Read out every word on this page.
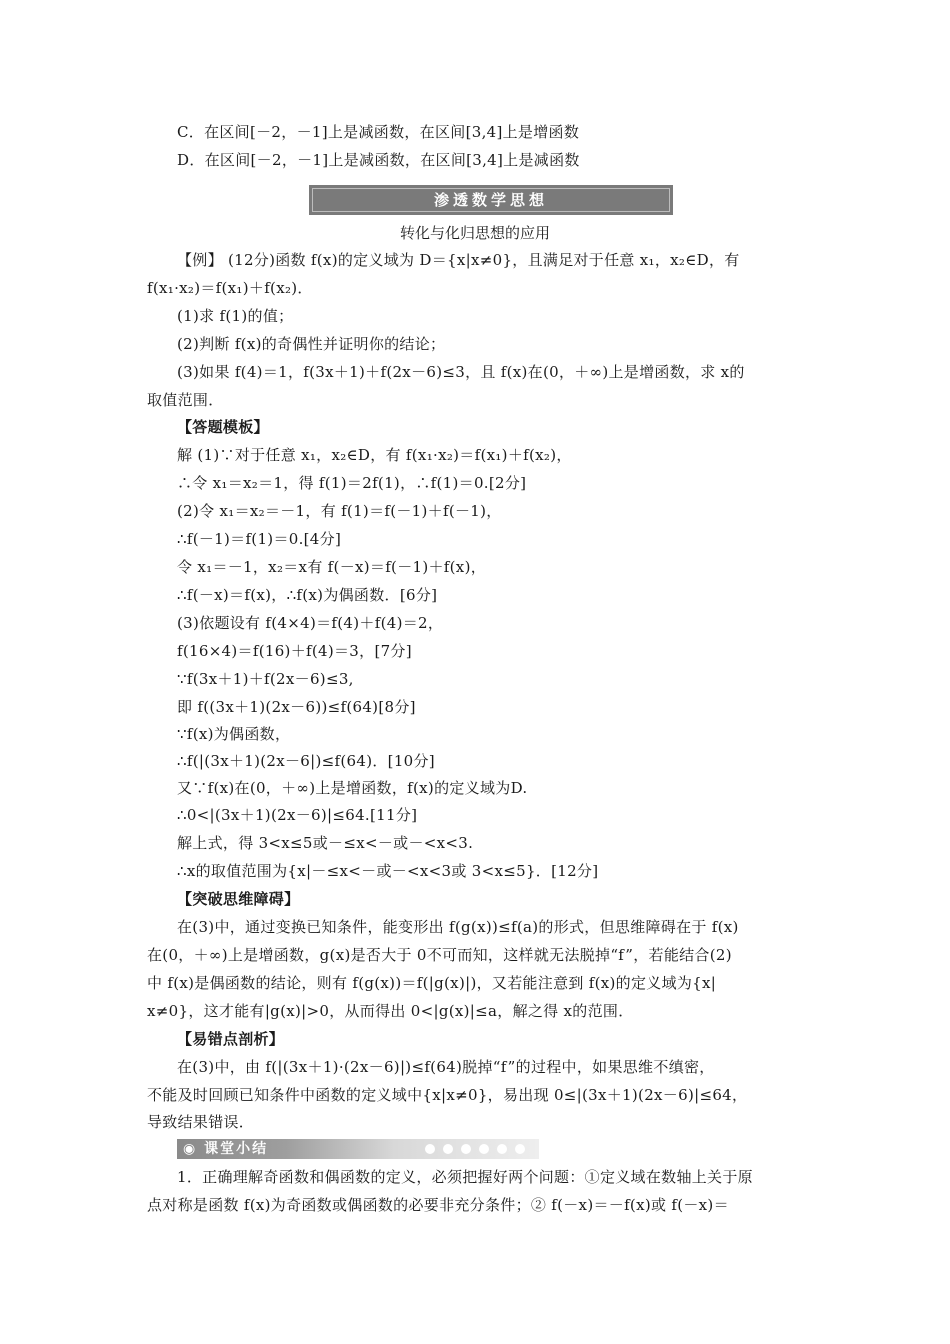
C．在区间[－2，－1]上是减函数，在区间[3,4]上是增函数
D．在区间[－2，－1]上是减函数，在区间[3,4]上是减函数
渗透数学思想
转化与化归思想的应用
【例】 (12分)函数 f(x)的定义域为 D＝{x|x≠0}，且满足对于任意 x₁，x₂∈D，有
f(x₁·x₂)＝f(x₁)＋f(x₂)．
(1)求 f(1)的值；
(2)判断 f(x)的奇偶性并证明你的结论；
(3)如果 f(4)＝1，f(3x＋1)＋f(2x－6)≤3，且 f(x)在(0，＋∞)上是增函数，求 x的
取值范围．
【答题模板】
解 (1)∵对于任意 x₁，x₂∈D，有 f(x₁·x₂)＝f(x₁)＋f(x₂)，
∴令 x₁＝x₂＝1，得 f(1)＝2f(1)，∴f(1)＝0.[2分]
(2)令 x₁＝x₂＝－1，有 f(1)＝f(－1)＋f(－1)，
∴f(－1)＝f(1)＝0.[4分]
令 x₁＝－1，x₂＝x有 f(－x)＝f(－1)＋f(x)，
∴f(－x)＝f(x)，∴f(x)为偶函数．[6分]
(3)依题设有 f(4×4)＝f(4)＋f(4)＝2，
f(16×4)＝f(16)＋f(4)＝3，[7分]
∵f(3x＋1)＋f(2x－6)≤3,
即 f((3x＋1)(2x－6))≤f(64)[8分]
∵f(x)为偶函数，
∴f(|(3x＋1)(2x－6|)≤f(64)．[10分]
又∵f(x)在(0，＋∞)上是增函数，f(x)的定义域为D.
∴0<|(3x＋1)(2x－6)|≤64.[11分]
解上式，得 3<x≤5或－≤x<－或－<x<3.
∴x的取值范围为{x|－≤x<－或－<x<3或 3<x≤5}．[12分]
【突破思维障碍】
在(3)中，通过变换已知条件，能变形出 f(g(x))≤f(a)的形式，但思维障碍在于 f(x)
在(0，＋∞)上是增函数，g(x)是否大于 0不可而知，这样就无法脱掉“f”，若能结合(2)
中 f(x)是偶函数的结论，则有 f(g(x))＝f(|g(x)|)，又若能注意到 f(x)的定义域为{x|
x≠0}，这才能有|g(x)|>0，从而得出 0<|g(x)|≤a，解之得 x的范围．
【易错点剖析】
在(3)中，由 f(|(3x＋1)·(2x－6)|)≤f(64)脱掉“f”的过程中，如果思维不缜密，
不能及时回顾已知条件中函数的定义域中{x|x≠0}，易出现 0≤|(3x＋1)(2x－6)|≤64，
导致结果错误．
◉ 课堂小结
1．正确理解奇函数和偶函数的定义，必须把握好两个问题：①定义域在数轴上关于原
点对称是函数 f(x)为奇函数或偶函数的必要非充分条件；② f(－x)＝－f(x)或 f(－x)＝
